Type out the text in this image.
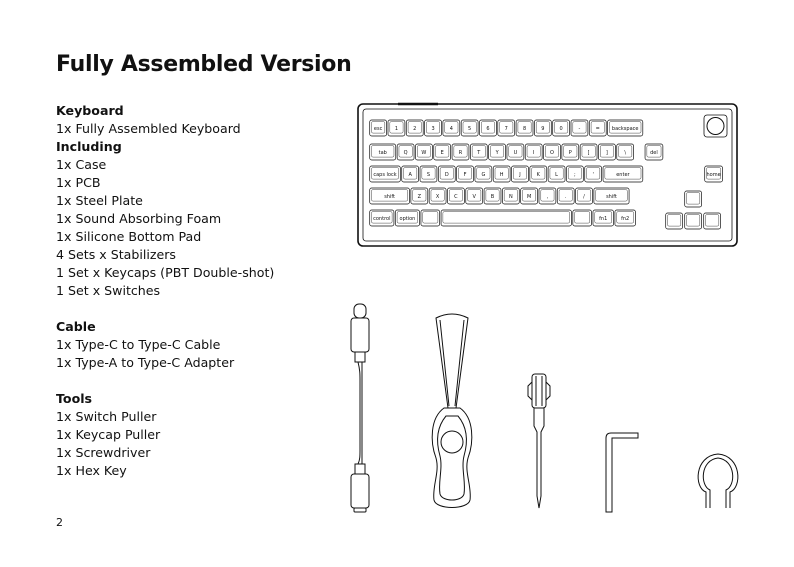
Fully Assembled Version
Keyboard
1x Fully Assembled Keyboard
Including
1x Case
1x PCB
1x Steel Plate
1x Sound Absorbing Foam
1x Silicone Bottom Pad
4 Sets x Stabilizers
1 Set x Keycaps (PBT Double-shot)
1 Set x Switches
Cable
1x Type-C to Type-C Cable
1x Type-A to Type-C Adapter
Tools
1x Switch Puller
1x Keycap Puller
1x Screwdriver
1x Hex Key
2
esc 1	2	3	4	5	6	7	8	9	0	-	= backspace
tab	Q	W	E	R	T	Y	U	I	O	P	[	]	\	del
caps lock A	S	D	F	G	H	J	K	L	;	'	enter	home
shift	Z	X	C	V	B	N	M	,	.	/	shift
control option	fn1	fn2
